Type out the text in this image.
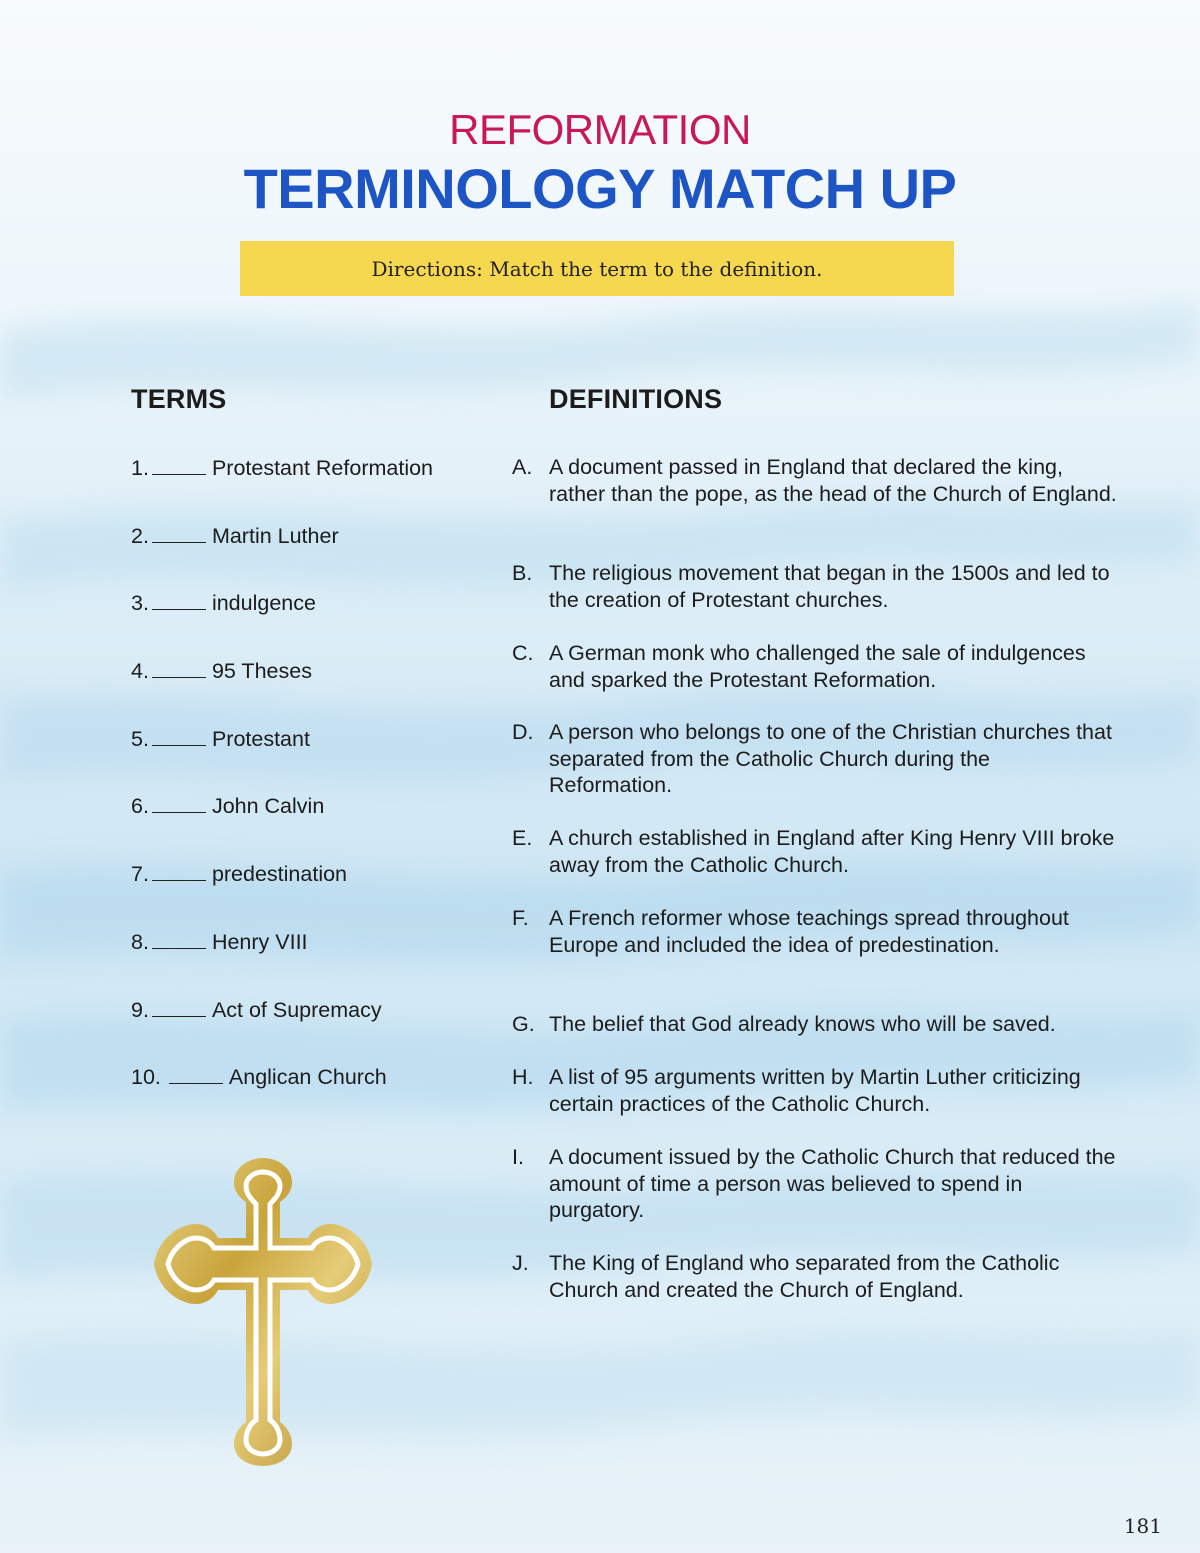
REFORMATION
TERMINOLOGY MATCH UP
Directions: Match the term to the definition.
TERMS	DEFINITIONS
1.	Protestant Reformation
2.	Martin Luther
3.	indulgence
4.	95 Theses
5.	Protestant
6.	John Calvin
7.	predestination
8.	Henry VIII
9.	Act of Supremacy
10.	Anglican Church
A. A document passed in England that declared the king, rather than the pope, as the head of the Church of England.
B. The religious movement that began in the 1500s and led to the creation of Protestant churches.
C. A German monk who challenged the sale of indulgences and sparked the Protestant Reformation.
D. A person who belongs to one of the Christian churches that separated from the Catholic Church during the Reformation.
E. A church established in England after King Henry VIII broke away from the Catholic Church.
F. A French reformer whose teachings spread throughout Europe and included the idea of predestination.
G. The belief that God already knows who will be saved.
H. A list of 95 arguments written by Martin Luther criticizing certain practices of the Catholic Church.
I.	A document issued by the Catholic Church that reduced the amount of time a person was believed to spend in purgatory.
J. The King of England who separated from the Catholic Church and created the Church of England.
181
